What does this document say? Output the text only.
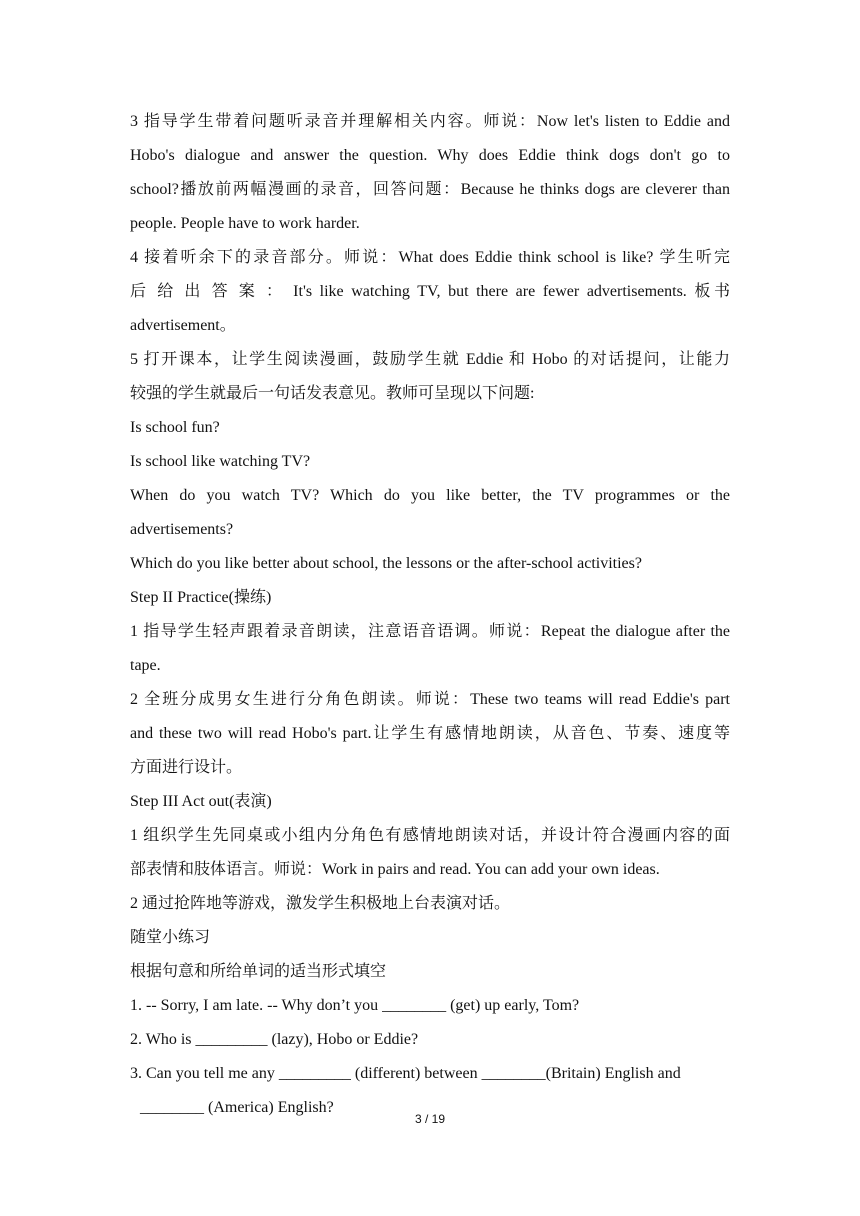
3 指导学生带着问题听录音并理解相关内容。师说：Now let's listen to Eddie and
Hobo's dialogue and answer the question. Why does Eddie think dogs don't go to
school?播放前两幅漫画的录音，回答问题：Because he thinks dogs are cleverer than
people. People have to work harder.
4 接着听余下的录音部分。师说：What does Eddie think school is like? 学生听完
后 给 出 答 案 ： It's like watching TV, but there are fewer advertisements. 板书
advertisement。
5 打开课本，让学生阅读漫画，鼓励学生就 Eddie 和 Hobo 的对话提问，让能力
较强的学生就最后一句话发表意见。教师可呈现以下问题:
Is school fun?
Is school like watching TV?
When do you watch TV? Which do you like better, the TV programmes or the
advertisements?
Which do you like better about school, the lessons or the after-school activities?
Step II Practice(操练)
1 指导学生轻声跟着录音朗读，注意语音语调。师说：Repeat the dialogue after the
tape.
2 全班分成男女生进行分角色朗读。师说：These two teams will read Eddie's part
and these two will read Hobo's part.让学生有感情地朗读，从音色、节奏、速度等
方面进行设计。
Step III Act out(表演)
1 组织学生先同桌或小组内分角色有感情地朗读对话，并设计符合漫画内容的面
部表情和肢体语言。师说：Work in pairs and read. You can add your own ideas.
2 通过抢阵地等游戏，激发学生积极地上台表演对话。
随堂小练习
根据句意和所给单词的适当形式填空
1. -- Sorry, I am late. -- Why don’t you ________ (get) up early, Tom?
2. Who is _________ (lazy), Hobo or Eddie?
3. Can you tell me any _________ (different) between ________(Britain) English and
________ (America) English?
3 / 19
